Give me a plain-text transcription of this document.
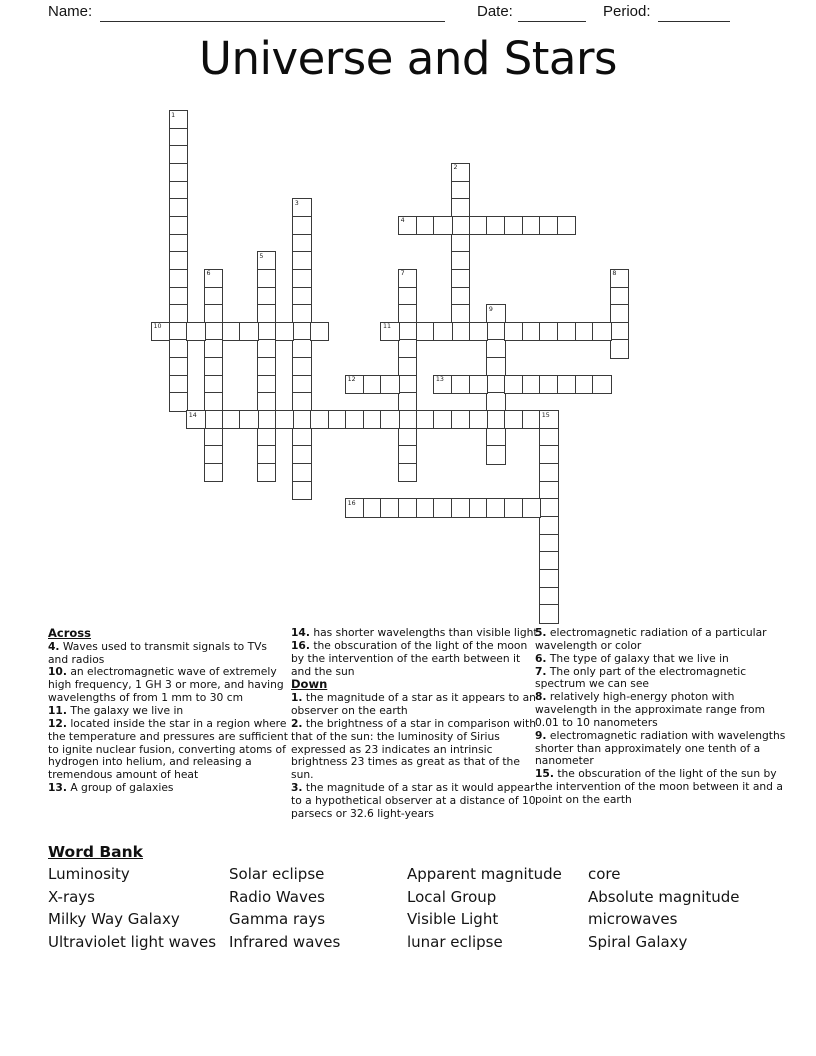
Name:	Date:	Period:
Universe and Stars
1
2
3
4
5
6	7	8
9
10	11
12	13
14	15
16
Across

4. Waves used to transmit signals to TVs and radios

10. an electromagnetic wave of extremely high frequency, 1 GH 3 or more, and having wavelengths of from 1 mm to 30 cm

11. The galaxy we live in

12. located inside the star in a region where the temperature and pressures are sufficient to ignite nuclear fusion, converting atoms of hydrogen into helium, and releasing a tremendous amount of heat

13. A group of galaxies

14. has shorter wavelengths than visible light

16. the obscuration of the light of the moon by the intervention of the earth between it and the sun

Down

1. the magnitude of a star as it appears to an observer on the earth

2. the brightness of a star in comparison with that of the sun: the luminosity of Sirius expressed as 23 indicates an intrinsic brightness 23 times as great as that of the sun.

3. the magnitude of a star as it would appear to a hypothetical observer at a distance of 10 parsecs or 32.6 light-years

5. electromagnetic radiation of a particular wavelength or color

6. The type of galaxy that we live in

7. The only part of the electromagnetic spectrum we can see

8. relatively high-energy photon with wavelength in the approximate range from 0.01 to 10 nanometers

9. electromagnetic radiation with wavelengths shorter than approximately one tenth of a nanometer

15. the obscuration of the light of the sun by the intervention of the moon between it and a point on the earth

Word Bank
Luminosity
X-rays
Milky Way Galaxy
Ultraviolet light waves
Solar eclipse
Radio Waves
Gamma rays
Infrared waves
Apparent magnitude
Local Group
Visible Light
lunar eclipse
core
Absolute magnitude
microwaves
Spiral Galaxy
